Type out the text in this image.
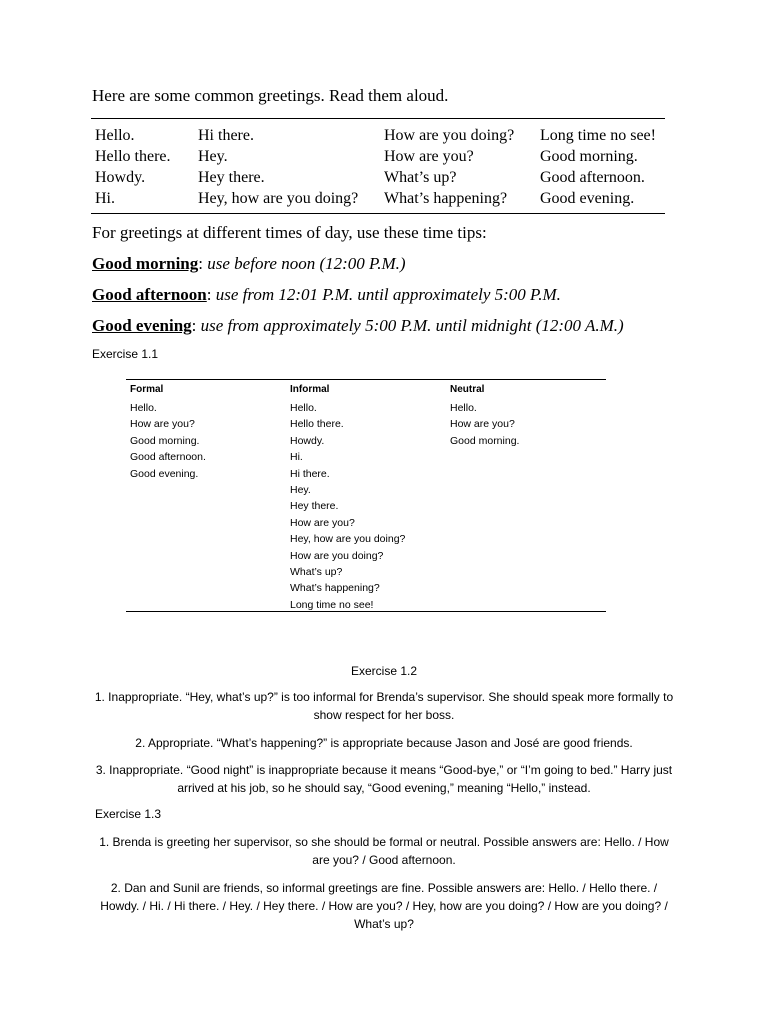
Here are some common greetings. Read them aloud.
Hello.
Hello there.
Howdy.
Hi.
Hi there.
Hey.
Hey there.
Hey, how are you doing?
How are you doing?
How are you?
What’s up?
What’s happening?
Long time no see!
Good morning.
Good afternoon.
Good evening.
For greetings at different times of day, use these time tips:
Good morning: use before noon (12:00 P.M.)
Good afternoon: use from 12:01 P.M. until approximately 5:00 P.M.
Good evening: use from approximately 5:00 P.M. until midnight (12:00 A.M.)
Exercise 1.1
Formal
Hello.
How are you?
Good morning.
Good afternoon.
Good evening.
Informal
Hello.
Hello there.
Howdy.
Hi.
Hi there.
Hey.
Hey there.
How are you?
Hey, how are you doing?
How are you doing?
What’s up?
What’s happening?
Long time no see!
Neutral
Hello.
How are you?
Good morning.
Exercise 1.2
1. Inappropriate. “Hey, what’s up?” is too informal for Brenda’s supervisor. She should speak more formally to show respect for her boss.
2. Appropriate. “What’s happening?” is appropriate because Jason and José are good friends.
3. Inappropriate. “Good night” is inappropriate because it means “Good-bye,” or “I’m going to bed.” Harry just arrived at his job, so he should say, “Good evening,” meaning “Hello,” instead.
Exercise 1.3
1. Brenda is greeting her supervisor, so she should be formal or neutral. Possible answers are: Hello. / How are you? / Good afternoon.
2. Dan and Sunil are friends, so informal greetings are fine. Possible answers are: Hello. / Hello there. / Howdy. / Hi. / Hi there. / Hey. / Hey there. / How are you? / Hey, how are you doing? / How are you doing? / What’s up?
